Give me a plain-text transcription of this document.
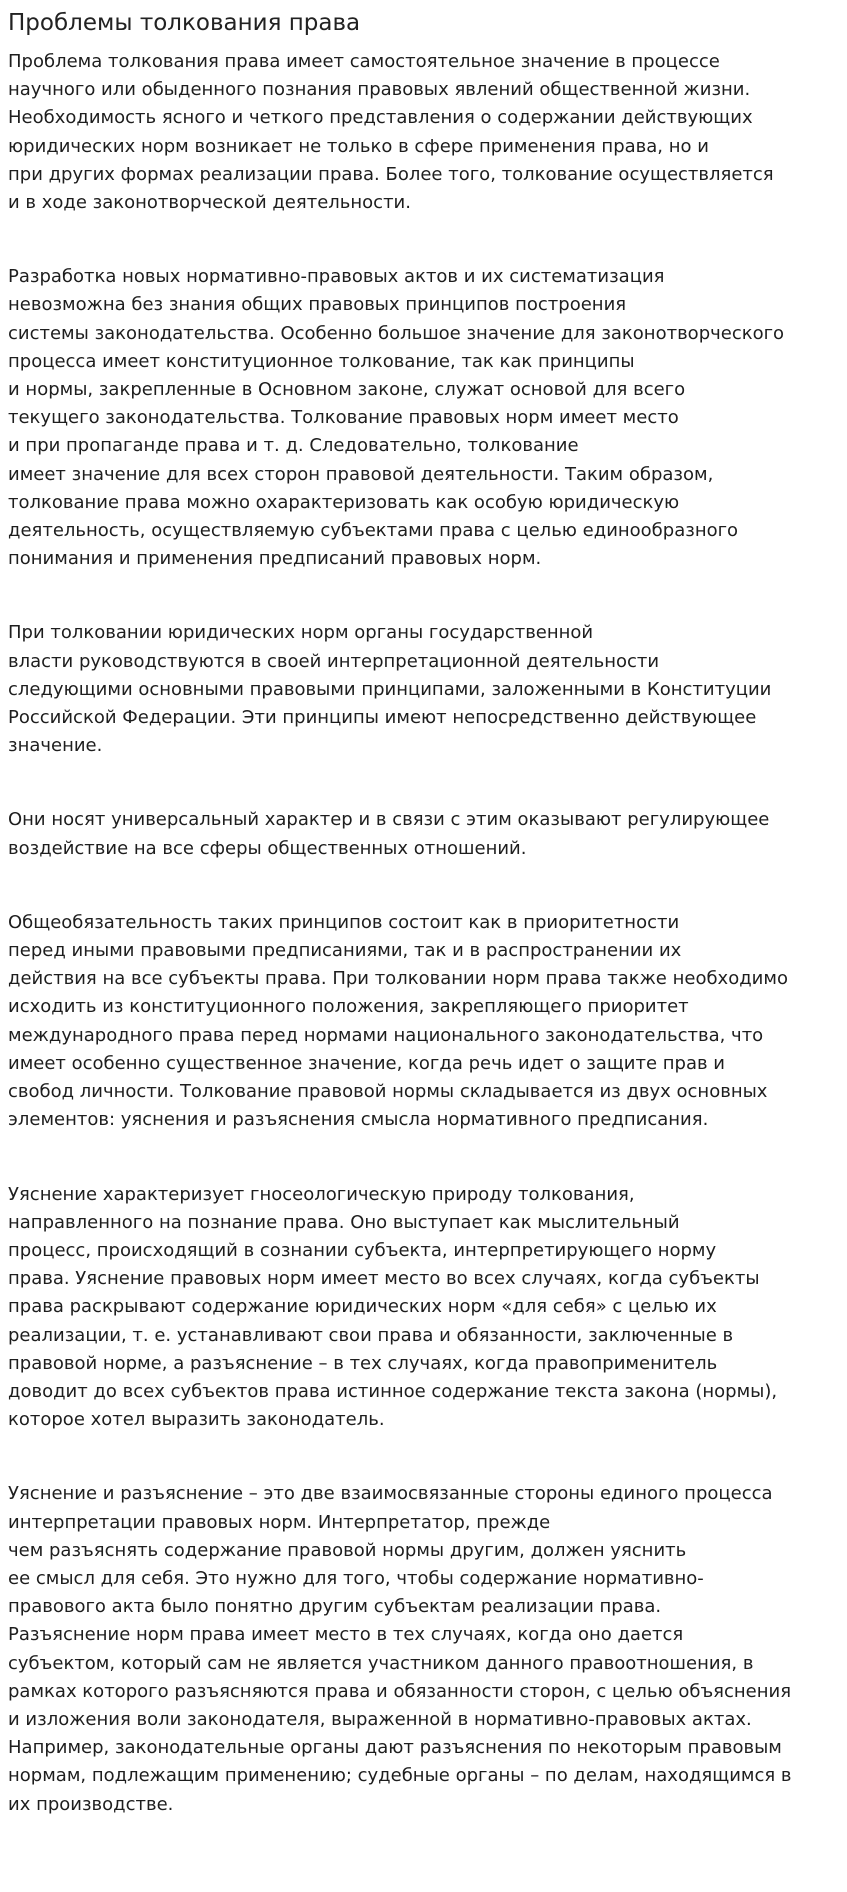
Проблемы толкования права

Проблема толкования права имеет самостоятельное значение в процессе
научного или обыденного познания правовых явлений общественной жизни.
Необходимость ясного и четкого представления о содержании действующих
юридических норм возникает не только в сфере применения права, но и
при других формах реализации права. Более того, толкование осуществляется
и в ходе законотворческой деятельности.

Разработка новых нормативно-правовых актов и их систематизация
невозможна без знания общих правовых принципов построения
системы законодательства. Особенно большое значение для законотворческого
процесса имеет конституционное толкование, так как принципы
и нормы, закрепленные в Основном законе, служат основой для всего
текущего законодательства. Толкование правовых норм имеет место
и при пропаганде права и т. д. Следовательно, толкование
имеет значение для всех сторон правовой деятельности. Таким образом,
толкование права можно охарактеризовать как особую юридическую
деятельность, осуществляемую субъектами права с целью единообразного
понимания и применения предписаний правовых норм.

При толковании юридических норм органы государственной
власти руководствуются в своей интерпретационной деятельности
следующими основными правовыми принципами, заложенными в Конституции
Российской Федерации. Эти принципы имеют непосредственно действующее
значение.

Они носят универсальный характер и в связи с этим оказывают регулирующее
воздействие на все сферы общественных отношений.

Общеобязательность таких принципов состоит как в приоритетности
перед иными правовыми предписаниями, так и в распространении их
действия на все субъекты права. При толковании норм права также необходимо
исходить из конституционного положения, закрепляющего приоритет
международного права перед нормами национального законодательства, что
имеет особенно существенное значение, когда речь идет о защите прав и
свобод личности. Толкование правовой нормы складывается из двух основных
элементов: уяснения и разъяснения смысла нормативного предписания.

Уяснение характеризует гносеологическую природу толкования,
направленного на познание права. Оно выступает как мыслительный
процесс, происходящий в сознании субъекта, интерпретирующего норму
права. Уяснение правовых норм имеет место во всех случаях, когда субъекты
права раскрывают содержание юридических норм «для себя» с целью их
реализации, т. е. устанавливают свои права и обязанности, заключенные в
правовой норме, а разъяснение – в тех случаях, когда правоприменитель
доводит до всех субъектов права истинное содержание текста закона (нормы),
которое хотел выразить законодатель.

Уяснение и разъяснение – это две взаимосвязанные стороны единого процесса
интерпретации правовых норм. Интерпретатор, прежде
чем разъяснять содержание правовой нормы другим, должен уяснить
ее смысл для себя. Это нужно для того, чтобы содержание нормативно-
правового акта было понятно другим субъектам реализации права.
Разъяснение норм права имеет место в тех случаях, когда оно дается
субъектом, который сам не является участником данного правоотношения, в
рамках которого разъясняются права и обязанности сторон, с целью объяснения
и изложения воли законодателя, выраженной в нормативно-правовых актах.
Например, законодательные органы дают разъяснения по некоторым правовым
нормам, подлежащим применению; судебные органы – по делам, находящимся в
их производстве.
